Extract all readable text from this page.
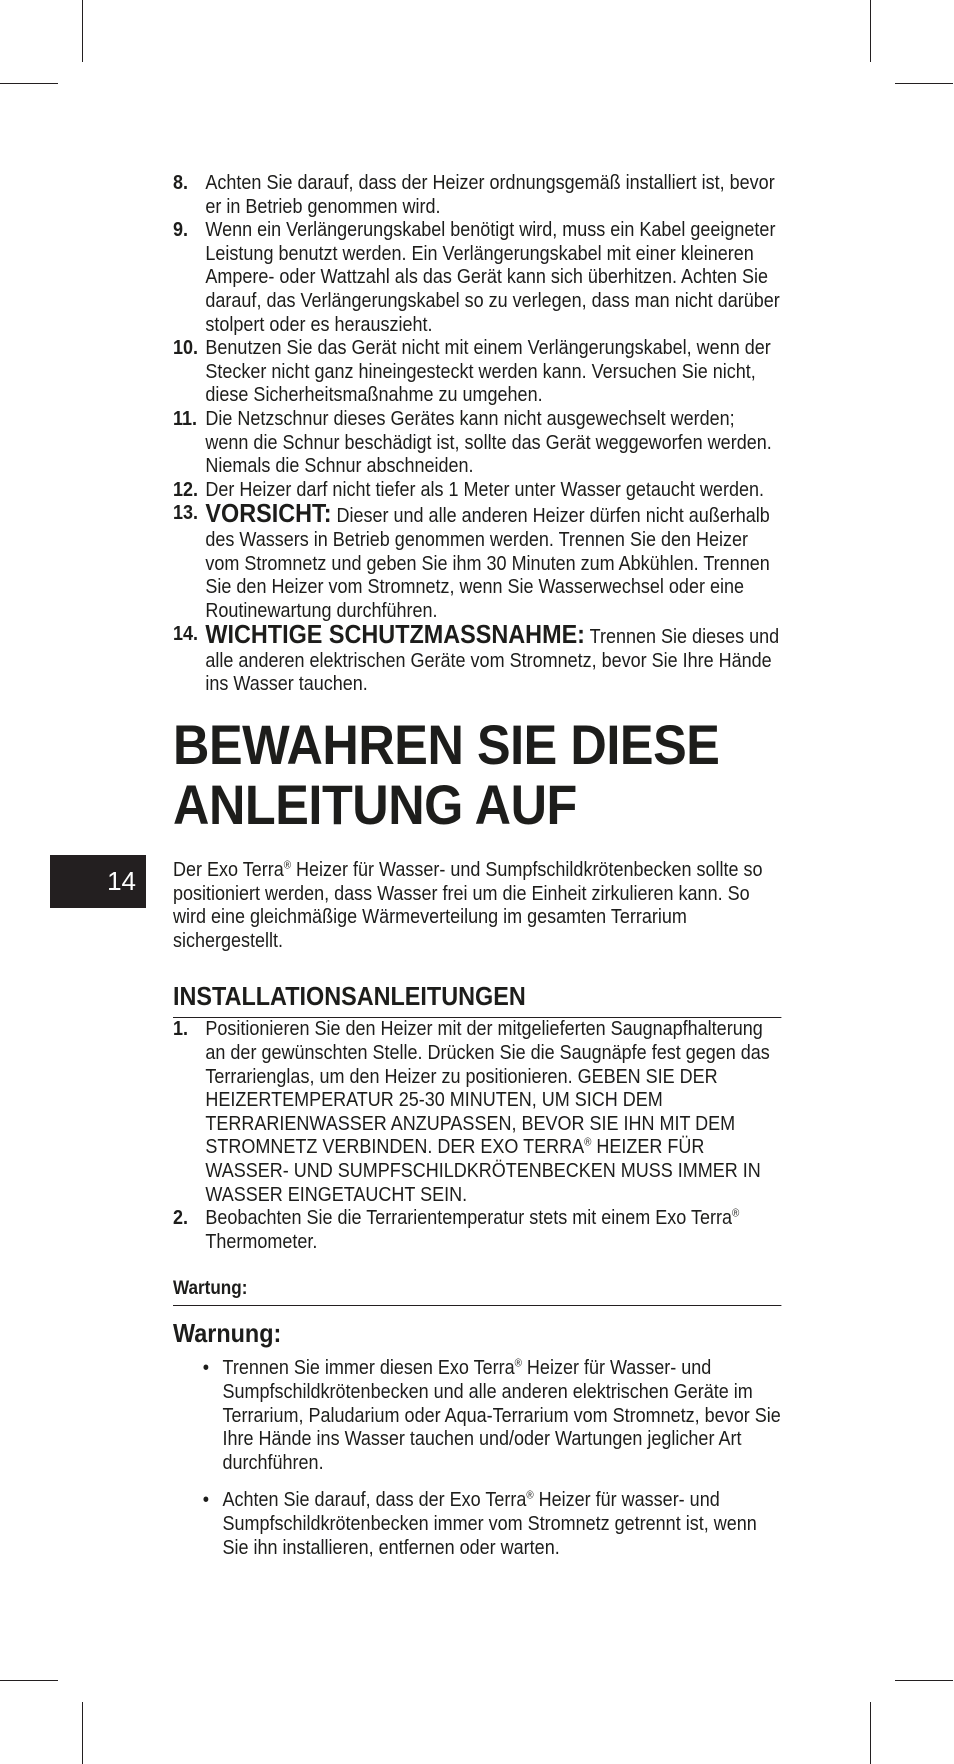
14
8. Achten Sie darauf, dass der Heizer ordnungsgemäß installiert ist, bevor er in Betrieb genommen wird.
9. Wenn ein Verlängerungskabel benötigt wird, muss ein Kabel geeigneter Leistung benutzt werden. Ein Verlängerungskabel mit einer kleineren Ampere- oder Wattzahl als das Gerät kann sich überhitzen. Achten Sie darauf, das Verlängerungskabel so zu verlegen, dass man nicht darüber stolpert oder es herauszieht.
10. Benutzen Sie das Gerät nicht mit einem Verlängerungskabel, wenn der Stecker nicht ganz hineingesteckt werden kann. Versuchen Sie nicht, diese Sicherheitsmaßnahme zu umgehen.
11. Die Netzschnur dieses Gerätes kann nicht ausgewechselt werden; wenn die Schnur beschädigt ist, sollte das Gerät weggeworfen werden. Niemals die Schnur abschneiden.
12. Der Heizer darf nicht tiefer als 1 Meter unter Wasser getaucht werden.
13. VORSICHT: Dieser und alle anderen Heizer dürfen nicht außerhalb des Wassers in Betrieb genommen werden. Trennen Sie den Heizer vom Stromnetz und geben Sie ihm 30 Minuten zum Abkühlen. Trennen Sie den Heizer vom Stromnetz, wenn Sie Wasserwechsel oder eine Routinewartung durchführen.
14. WICHTIGE SCHUTZMASSNAHME: Trennen Sie dieses und alle anderen elektrischen Geräte vom Stromnetz, bevor Sie Ihre Hände ins Wasser tauchen.
BEWAHREN SIE DIESE
ANLEITUNG AUF

Der Exo Terra® Heizer für Wasser- und Sumpfschildkrötenbecken sollte so positioniert werden, dass Wasser frei um die Einheit zirkulieren kann. So wird eine gleichmäßige Wärmeverteilung im gesamten Terrarium sichergestellt.

INSTALLATIONSANLEITUNGEN
1. Positionieren Sie den Heizer mit der mitgelieferten Saugnapfhalterung an der gewünschten Stelle. Drücken Sie die Saugnäpfe fest gegen das Terrarienglas, um den Heizer zu positionieren. GEBEN SIE DER HEIZERTEMPERATUR 25-30 MINUTEN, UM SICH DEM TERRARIENWASSER ANZUPASSEN, BEVOR SIE IHN MIT DEM STROMNETZ VERBINDEN. DER EXO TERRA® HEIZER FÜR WASSER- UND SUMPFSCHILDKRÖTENBECKEN MUSS IMMER IN WASSER EINGETAUCHT SEIN.
2. Beobachten Sie die Terrarientemperatur stets mit einem Exo Terra® Thermometer.
Wartung:
Warnung:
• Trennen Sie immer diesen Exo Terra® Heizer für Wasser- und Sumpfschildkrötenbecken und alle anderen elektrischen Geräte im Terrarium, Paludarium oder Aqua-Terrarium vom Stromnetz, bevor Sie Ihre Hände ins Wasser tauchen und/oder Wartungen jeglicher Art durchführen.
• Achten Sie darauf, dass der Exo Terra® Heizer für wasser- und Sumpfschildkrötenbecken immer vom Stromnetz getrennt ist, wenn Sie ihn installieren, entfernen oder warten.
